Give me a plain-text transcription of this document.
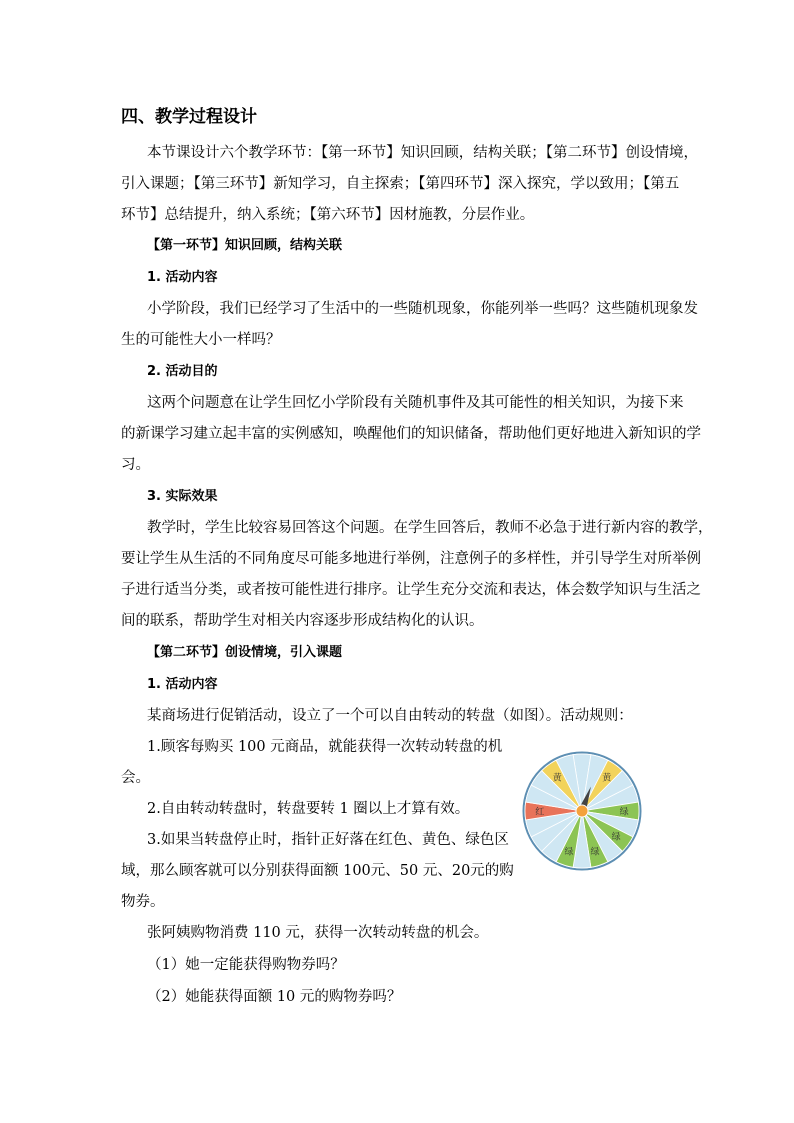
四、教学过程设计
本节课设计六个教学环节：【第一环节】知识回顾，结构关联；【第二环节】创设情境，
引入课题；【第三环节】新知学习，自主探索；【第四环节】深入探究，学以致用；【第五
环节】总结提升，纳入系统；【第六环节】因材施教，分层作业。
【第一环节】知识回顾，结构关联
1. 活动内容
小学阶段，我们已经学习了生活中的一些随机现象，你能列举一些吗？这些随机现象发
生的可能性大小一样吗？
2. 活动目的
这两个问题意在让学生回忆小学阶段有关随机事件及其可能性的相关知识，为接下来
的新课学习建立起丰富的实例感知，唤醒他们的知识储备，帮助他们更好地进入新知识的学
习。
3. 实际效果
教学时，学生比较容易回答这个问题。在学生回答后，教师不必急于进行新内容的教学，
要让学生从生活的不同角度尽可能多地进行举例，注意例子的多样性，并引导学生对所举例
子进行适当分类，或者按可能性进行排序。让学生充分交流和表达，体会数学知识与生活之
间的联系，帮助学生对相关内容逐步形成结构化的认识。
【第二环节】创设情境，引入课题
1. 活动内容
某商场进行促销活动，设立了一个可以自由转动的转盘（如图）。活动规则：
1.顾客每购买 100 元商品，就能获得一次转动转盘的机
会。
2.自由转动转盘时，转盘要转 1 圈以上才算有效。
3.如果当转盘停止时，指针正好落在红色、黄色、绿色区
域，那么顾客就可以分别获得面额 100元、50 元、20元的购
物券。
张阿姨购物消费 110 元，获得一次转动转盘的机会。
（1）她一定能获得购物券吗？
（2）她能获得面额 10 元的购物券吗？
黄
绿
绿
绿
绿
红
黄
